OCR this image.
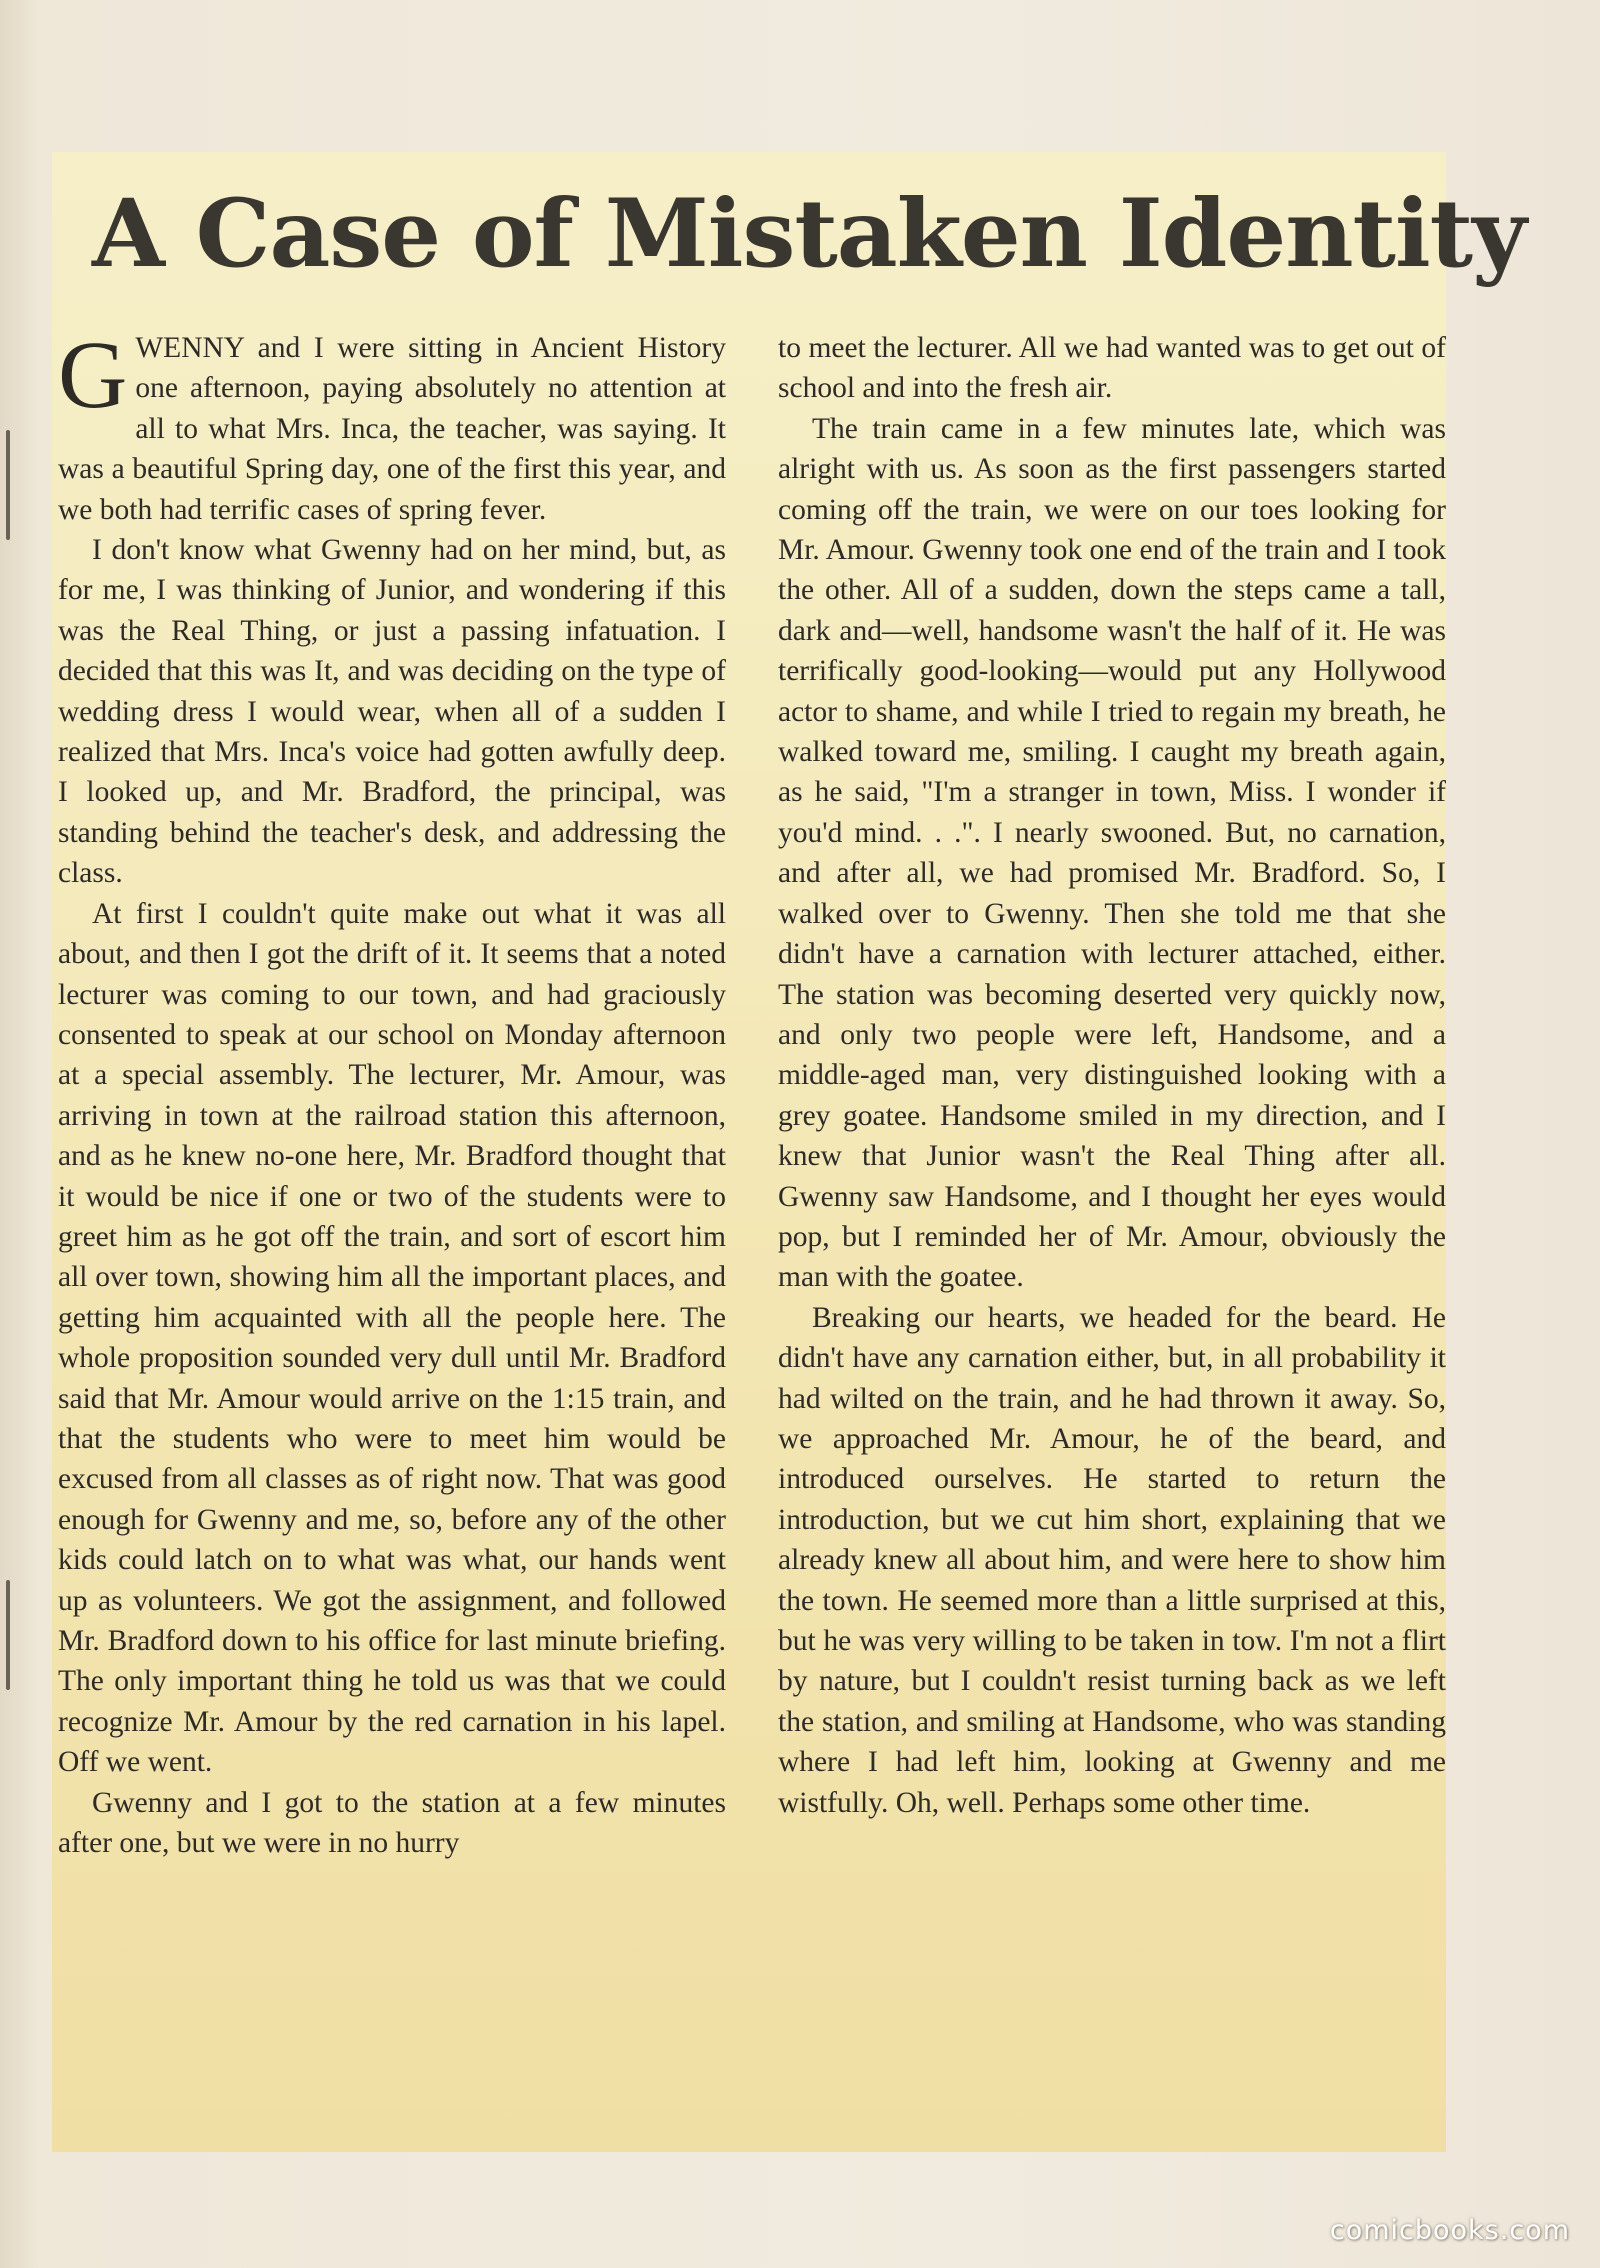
A Case of Mistaken Identity

GWENNY and I were sitting in Ancient History one afternoon, paying absolutely no attention at all to what Mrs. Inca, the teacher, was saying. It was a beautiful Spring day, one of the first this year, and we both had terrific cases of spring fever.

I don't know what Gwenny had on her mind, but, as for me, I was thinking of Junior, and wondering if this was the Real Thing, or just a passing infatuation. I decided that this was It, and was deciding on the type of wedding dress I would wear, when all of a sudden I realized that Mrs. Inca's voice had gotten awfully deep. I looked up, and Mr. Bradford, the principal, was standing behind the teacher's desk, and addressing the class.

At first I couldn't quite make out what it was all about, and then I got the drift of it. It seems that a noted lecturer was coming to our town, and had graciously consented to speak at our school on Monday afternoon at a special assembly. The lecturer, Mr. Amour, was arriving in town at the railroad station this afternoon, and as he knew no-one here, Mr. Bradford thought that it would be nice if one or two of the students were to greet him as he got off the train, and sort of escort him all over town, showing him all the important places, and getting him acquainted with all the people here. The whole proposition sounded very dull until Mr. Bradford said that Mr. Amour would arrive on the 1:15 train, and that the students who were to meet him would be excused from all classes as of right now. That was good enough for Gwenny and me, so, before any of the other kids could latch on to what was what, our hands went up as volunteers. We got the assignment, and followed Mr. Bradford down to his office for last minute briefing. The only important thing he told us was that we could recognize Mr. Amour by the red carnation in his lapel. Off we went.

Gwenny and I got to the station at a few minutes after one, but we were in no hurry

to meet the lecturer. All we had wanted was to get out of school and into the fresh air.

The train came in a few minutes late, which was alright with us. As soon as the first passengers started coming off the train, we were on our toes looking for Mr. Amour. Gwenny took one end of the train and I took the other. All of a sudden, down the steps came a tall, dark and—well, handsome wasn't the half of it. He was terrifically good-looking—would put any Hollywood actor to shame, and while I tried to regain my breath, he walked toward me, smiling. I caught my breath again, as he said, "I'm a stranger in town, Miss. I wonder if you'd mind. . .". I nearly swooned. But, no carnation, and after all, we had promised Mr. Bradford. So, I walked over to Gwenny. Then she told me that she didn't have a carnation with lecturer attached, either. The station was becoming deserted very quickly now, and only two people were left, Handsome, and a middle-aged man, very distinguished looking with a grey goatee. Handsome smiled in my direction, and I knew that Junior wasn't the Real Thing after all. Gwenny saw Handsome, and I thought her eyes would pop, but I reminded her of Mr. Amour, obviously the man with the goatee.

Breaking our hearts, we headed for the beard. He didn't have any carnation either, but, in all probability it had wilted on the train, and he had thrown it away. So, we approached Mr. Amour, he of the beard, and introduced ourselves. He started to return the introduction, but we cut him short, explaining that we already knew all about him, and were here to show him the town. He seemed more than a little surprised at this, but he was very willing to be taken in tow. I'm not a flirt by nature, but I couldn't resist turning back as we left the station, and smiling at Handsome, who was standing where I had left him, looking at Gwenny and me wistfully. Oh, well. Perhaps some other time.

comicbooks.com
